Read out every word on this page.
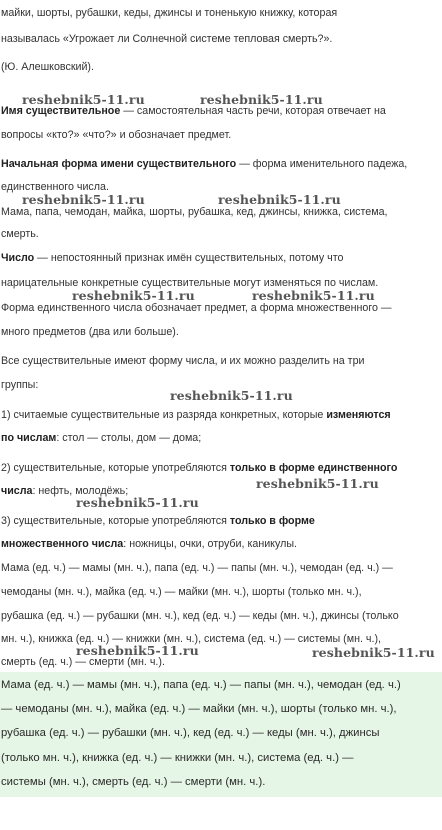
майки, шорты, рубашки, кеды, джинсы и тоненькую книжку, которая
называлась «Угрожает ли Солнечной системе тепловая смерть?».
(Ю. Алешковский).
reshebnik5-11.ru	reshebnik5-11.ru
Имя существительное — самостоятельная часть речи, которая отвечает на
вопросы «кто?» «что?» и обозначает предмет.
Начальная форма имени существительного — форма именительного падежа,
единственного числа.
reshebnik5-11.ru	reshebnik5-11.ru
Мама, папа, чемодан, майка, шорты, рубашка, кед, джинсы, книжка, система,
смерть.
Число — непостоянный признак имён существительных, потому что
нарицательные конкретные существительные могут изменяться по числам.
reshebnik5-11.ru	reshebnik5-11.ru
Форма единственного числа обозначает предмет, а форма множественного —
много предметов (два или больше).
Все существительные имеют форму числа, и их можно разделить на три
группы:
reshebnik5-11.ru
1) считаемые существительные из разряда конкретных, которые изменяются
по числам: стол — столы, дом — дома;
2) существительные, которые употребляются только в форме единственного
reshebnik5-11.ru
числа: нефть, молодёжь;
reshebnik5-11.ru
3) существительные, которые употребляются только в форме
множественного числа: ножницы, очки, отруби, каникулы.
Мама (ед. ч.) — мамы (мн. ч.), папа (ед. ч.) — папы (мн. ч.), чемодан (ед. ч.) —
чемоданы (мн. ч.), майка (ед. ч.) — майки (мн. ч.), шорты (только мн. ч.),
рубашка (ед. ч.) — рубашки (мн. ч.), кед (ед. ч.) — кеды (мн. ч.), джинсы (только
мн. ч.), книжка (ед. ч.) — книжки (мн. ч.), система (ед. ч.) — системы (мн. ч.),
reshebnik5-11.ru	reshebnik5-11.ru
смерть (ед. ч.) — смерти (мн. ч.).
Мама (ед. ч.) — мамы (мн. ч.), папа (ед. ч.) — папы (мн. ч.), чемодан (ед. ч.)
— чемоданы (мн. ч.), майка (ед. ч.) — майки (мн. ч.), шорты (только мн. ч.),
рубашка (ед. ч.) — рубашки (мн. ч.), кед (ед. ч.) — кеды (мн. ч.), джинсы
(только мн. ч.), книжка (ед. ч.) — книжки (мн. ч.), система (ед. ч.) —
системы (мн. ч.), смерть (ед. ч.) — смерти (мн. ч.).
